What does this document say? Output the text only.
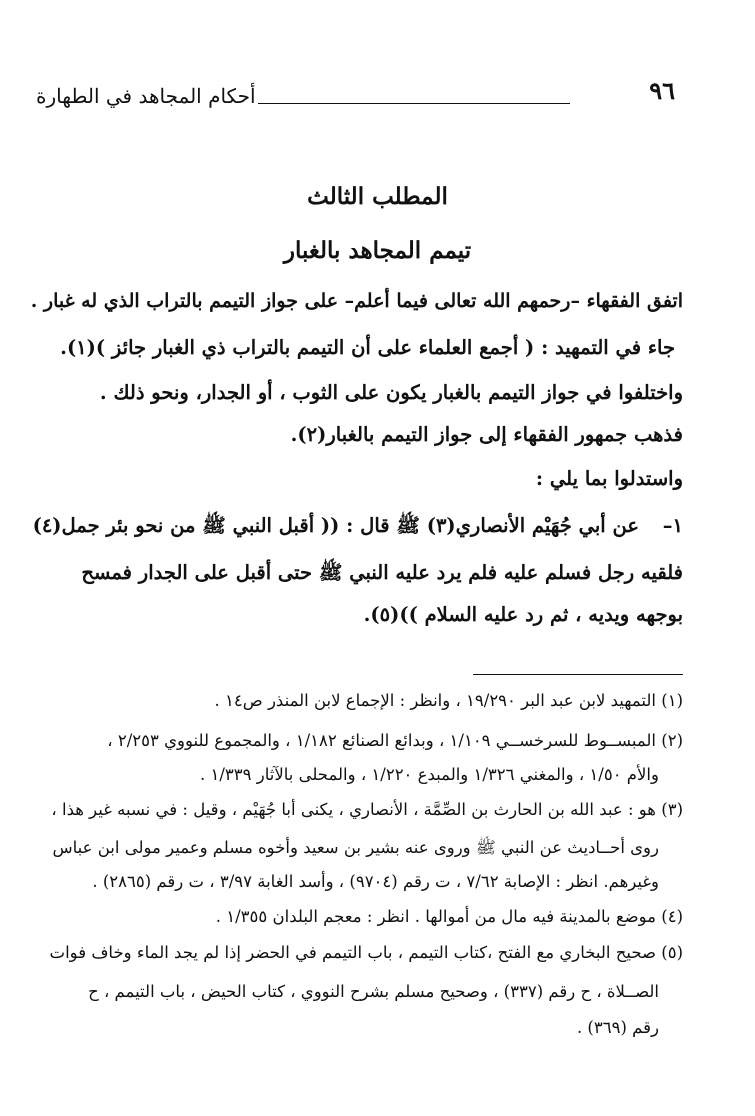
٩٦
أحكام المجاهد في الطهارة
المطلب الثالث
تيمم المجاهد بالغبار
اتفق الفقهاء –رحمهم الله تعالى فيما أعلم– على جواز التيمم بالتراب الذي له غبار .
جاء في التمهيد : ( أجمع العلماء على أن التيمم بالتراب ذي الغبار جائز )(١).
واختلفوا في جواز التيمم بالغبار يكون على الثوب ، أو الجدار، ونحو ذلك .
فذهب جمهور الفقهاء إلى جواز التيمم بالغبار(٢).
واستدلوا بما يلي :
١–
عن أبي جُهَيْم الأنصاري(٣) ﷺ قال : (( أقبل النبي ﷺ من نحو بئر جمل(٤)
فلقيه رجل فسلم عليه فلم يرد عليه النبي ﷺ حتى أقبل على الجدار فمسح
بوجهه ويديه ، ثم رد عليه السلام ))(٥).
(١) التمهيد لابن عبد البر ١٩/٢٩٠ ، وانظر : الإجماع لابن المنذر ص١٤ .
(٢) المبســوط للسرخســي ١/١٠٩ ، وبدائع الصنائع ١/١٨٢ ، والمجموع للنووي ٢/٢٥٣ ،
والأم ١/٥٠ ، والمغني ١/٣٢٦ والمبدع ١/٢٢٠ ، والمحلى بالآثار ١/٣٣٩ .
(٣) هو : عبد الله بن الحارث بن الصِّمَّة ، الأنصاري ، يكنى أبا جُهَيْم ، وقيل : في نسبه غير هذا ،
روى أحــاديث عن النبي ﷺ وروى عنه بشير بن سعيد وأخوه مسلم وعمير مولى ابن عباس
وغيرهم. انظر : الإصابة ٧/٦٢ ، ت رقم (٩٧٠٤) ، وأسد الغابة ٣/٩٧ ، ت رقم (٢٨٦٥) .
(٤) موضع بالمدينة فيه مال من أموالها . انظر : معجم البلدان ١/٣٥٥ .
(٥) صحيح البخاري مع الفتح ،كتاب التيمم ، باب التيمم في الحضر إذا لم يجد الماء وخاف فوات
الصــلاة ، ح رقم (٣٣٧) ، وصحيح مسلم بشرح النووي ، كتاب الحيض ، باب التيمم ، ح
رقم (٣٦٩) .
